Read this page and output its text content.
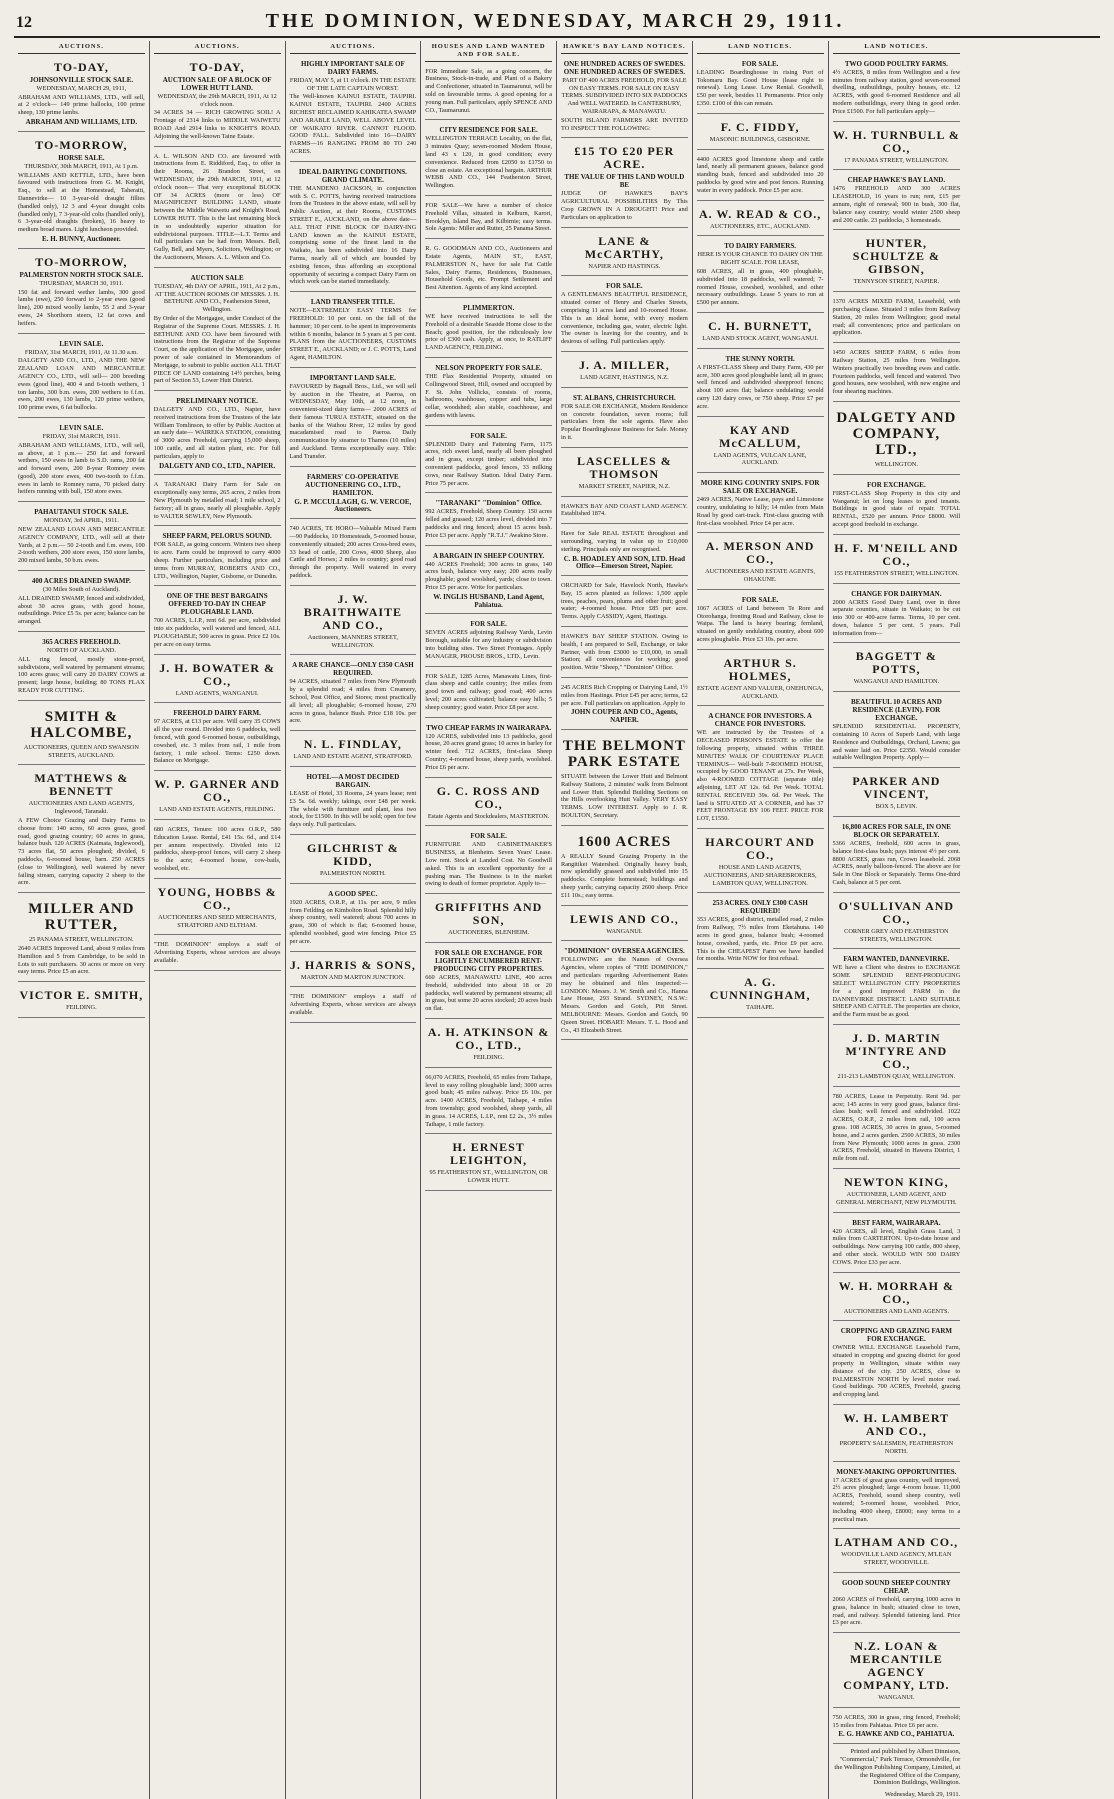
12	THE DOMINION, WEDNESDAY, MARCH 29, 1911.
AUCTIONS.
TO-DAY,
JOHNSONVILLE STOCK SALE.

WEDNESDAY, MARCH 29, 1911,

ABRAHAM AND WILLIAMS, LTD., will sell, at 2 o'clock— 149 prime ballocks, 100 prime sheep, 130 prime lambs.

ABRAHAM AND WILLIAMS, LTD.
TO-MORROW,
HORSE SALE.

THURSDAY, 30th MARCH, 1911, At 1 p.m.

WILLIAMS AND KETTLE, LTD., have been favoured with instructions from G. M. Knight, Esq., to sell at the Homestead, Taheraiti, Dannevirke— 10 3-year-old draught fillies (handled only), 12 3 and 4-year draught colts (handled only), 7 3-year-old colts (handled only), 6 3-year-old draughts (broken), 16 heavy to medium broad mares. Light luncheon provided.

E. H. BUNNY, Auctioneer.
TO-MORROW,
PALMERSTON NORTH STOCK SALE.

THURSDAY, MARCH 30, 1911.

150 fat and forward wether lambs, 300 good lambs (ewe), 250 forward to 2-year ewes (good line), 200 mixed woolly lambs, 55 2 and 3-year ewes, 24 Shorthorn steers, 12 fat cows and heifers.

LEVIN SALE.

FRIDAY, 31st MARCH, 1911, At 11.30 a.m.

DALGETY AND CO., LTD., AND THE NEW ZEALAND LOAN AND MERCANTILE AGENCY CO., LTD., will sell— 200 breeding ewes (good line), 400 4 and 6-tooth wethers, 1 ton lambs, 300 b.m. ewes, 200 wethers to f.f.m. ewes, 200 ewes, 130 lambs, 120 prime wethers, 100 prime ewes, 6 fat bullocks.

LEVIN SALE.

FRIDAY, 31st MARCH, 1911.

ABRAHAM AND WILLIAMS, LTD., will sell, as above, at 1 p.m.— 250 fat and forward wethers, 150 ewes in lamb to S.D. rams, 200 fat and forward ewes, 200 8-year Romney ewes (good), 200 store ewes, 400 two-tooth to f.f.m. ewes in lamb to Romney rams, 70 picked dairy heifers running with bull, 150 store ewes.

PAHAUTANUI STOCK SALE.

MONDAY, 3rd APRIL, 1911.

NEW ZEALAND LOAN AND MERCANTILE AGENCY COMPANY, LTD., will sell at their Yards, at 2 p.m.— 50 2-tooth and f.m. ewes, 100 2-tooth wethers, 200 store ewes, 150 store lambs, 200 mixed lambs, 50 b.m. ewes.

400 ACRES DRAINED SWAMP.

(30 Miles South of Auckland).

ALL DRAINED SWAMP, fenced and subdivided, about 30 acres grass, with good house, outbuildings. Price £5 5s. per acre; balance can be arranged.

365 ACRES FREEHOLD.

NORTH OF AUCKLAND.

ALL ring fenced, mostly stone-proof, subdivisions, well watered by permanent streams; 100 acres grass; will carry 20 DAIRY COWS at present; large house, building; 80 TONS FLAX READY FOR CUTTING.

SMITH & HALCOMBE,

AUCTIONEERS, QUEEN AND SWANSON STREETS, AUCKLAND.

MATTHEWS & BENNETT

AUCTIONEERS AND LAND AGENTS, Inglewood, Taranaki.

A FEW Choice Grazing and Dairy Farms to choose from: 140 acres, 60 acres grass, good road, good grazing country; 60 acres in grass, balance bush. 120 ACRES (Kaimata, Inglewood), 73 acres flat, 50 acres ploughed; divided, 6 paddocks, 6-roomed house, barn. 250 ACRES (close to Wellington), well watered by never failing stream, carrying capacity 2 sheep to the acre.

MILLER AND RUTTER,

25 PANAMA STREET, WELLINGTON.

2640 ACRES Improved Land, about 9 miles from Hamilton and 5 from Cambridge, to be sold in Lots to suit purchasers. 30 acres or more on very easy terms. Price £5 an acre.

VICTOR E. SMITH,

FEILDING.

AUCTIONS.
TO-DAY,
AUCTION SALE OF A BLOCK OF LOWER HUTT LAND.

WEDNESDAY, the 29th MARCH, 1911, At 12 o'clock noon.

34 ACRES 34 — RICH GROWING SOIL! A Frontage of 2314 links to MIDDLE WAIWETU ROAD And 2914 links to KNIGHT'S ROAD. Adjoining the well-known Taine Estate.

A. L. WILSON AND CO. are favoured with instructions from E. Riddiford, Esq., to offer in their Rooms, 26 Brandon Street, on WEDNESDAY, the 29th MARCH, 1911, at 12 o'clock noon— That very exceptional BLOCK OF 34 ACRES (more or less) OF MAGNIFICENT BUILDING LAND, situate between the Middle Waiwetu and Knight's Road, LOWER HUTT. This is the last remaining block in so undoubtedly superior situation for subdivisional purposes. TITLE—L.T. Terms and full particulars can be had from Messrs. Bell, Gully, Bell, and Myers, Solicitors, Wellington; or the Auctioneers, Messrs. A. L. Wilson and Co.

AUCTION SALE

TUESDAY, 4th DAY OF APRIL, 1911, At 2 p.m., AT THE AUCTION ROOMS OF MESSRS. J. H. BETHUNE AND CO., Featherston Street, Wellington.

By Order of the Mortgagee, under Conduct of the Registrar of the Supreme Court. MESSRS. J. H. BETHUNE AND CO. have been favoured with instructions from the Registrar of the Supreme Court, on the application of the Mortgagee, under power of sale contained in Memorandum of Mortgage, to submit to public auction ALL THAT PIECE OF LAND containing 14½ perches, being part of Section 53, Lower Hutt District.

PRELIMINARY NOTICE.

DALGETY AND CO., LTD., Napier, have received instructions from the Trustees of the late William Tomlinson, to offer by Public Auction at an early date— WAIREKA STATION, consisting of 3000 acres Freehold, carrying 15,000 sheep, 100 cattle, and all station plant, etc. For full particulars, apply to

DALGETY AND CO., LTD., NAPIER.

A TARANAKI Dairy Farm for Sale on exceptionally easy terms, 265 acres, 2 miles from New Plymouth by metalled road; 1 mile school, 2 factory; all in grass, nearly all ploughable. Apply to VALTER SEWLEY, New Plymouth.

SHEEP FARM, PELORUS SOUND.

FOR SALE, as going concern. Winters two sheep to acre. Farm could be improved to carry 4000 sheep. Further particulars, including price and terms from MURRAY, ROBERTS AND CO., LTD., Wellington, Napier, Gisborne, or Dunedin.

ONE OF THE BEST BARGAINS OFFERED TO-DAY IN CHEAP PLOUGHABLE LAND.

700 ACRES, L.I.P., rent 6d. per acre, subdivided into six paddocks, well watered and fenced, ALL PLOUGHABLE; 500 acres in grass. Price £2 10s. per acre on easy terms.

J. H. BOWATER & CO.,

LAND AGENTS, WANGANUI.

FREEHOLD DAIRY FARM.

97 ACRES, at £13 per acre. Will carry 35 COWS all the year round. Divided into 6 paddocks, well fenced, with good 6-roomed house, outbuildings, cowshed, etc. 3 miles from rail, 1 mile from factory, 1 mile school. Terms: £250 down. Balance on Mortgage.

W. P. GARNER AND CO.,

LAND AND ESTATE AGENTS, FEILDING.

680 ACRES, Tenure: 100 acres O.R.P., 580 Education Lease. Rental, £41 15s. 6d., and £14 per annum respectively. Divided into 12 paddocks, sheep-proof fences, will carry 2 sheep to the acre; 4-roomed house, cow-bails, woolshed, etc.

YOUNG, HOBBS & CO.,

AUCTIONEERS AND SEED MERCHANTS, STRATFORD AND ELTHAM.

"THE DOMINION" employs a staff of Advertising Experts, whose services are always available.

AUCTIONS.
HIGHLY IMPORTANT SALE OF DAIRY FARMS.

FRIDAY, MAY 5, at 11 o'clock. IN THE ESTATE OF THE LATE CAPTAIN WORST.

The Well-known KAINUI ESTATE, TAUPIRI. KAINUI ESTATE, TAUPIRI. 2400 ACRES RICHEST RECLAIMED KAHIKATEA SWAMP AND ARABLE LAND, WELL ABOVE LEVEL OF WAIKATO RIVER. CANNOT FLOOD. GOOD FALL. Subdivided into 16—DAIRY FARMS—16 RANGING FROM 80 TO 240 ACRES.

IDEAL DAIRYING CONDITIONS. GRAND CLIMATE.

THE MANDENO JACKSON, in conjunction with S. C. POTTS, having received instructions from the Trustees in the above estate, will sell by Public Auction, at their Rooms, CUSTOMS STREET E., AUCKLAND, on the above date— ALL THAT FINE BLOCK OF DAIRY-ING LAND known as the KAINUI ESTATE, comprising some of the finest land in the Waikato, has been subdivided into 16 Dairy Farms, nearly all of which are bounded by existing fences, thus affording an exceptional opportunity of securing a compact Dairy Farm on which work can be started immediately.

LAND TRANSFER TITLE.

NOTE—EXTREMELY EASY TERMS for FREEHOLD: 10 per cent. on the fall of the hammer; 10 per cent. to be spent in improvements within 6 months, balance in 5 years at 5 per cent. PLANS from the AUCTIONEERS, CUSTOMS STREET E., AUCKLAND; or J. C. POTTS, Land Agent, HAMILTON.

IMPORTANT LAND SALE.

FAVOURED by Bagnall Bros., Ltd., we will sell by auction in the Theatre, at Paeroa, on WEDNESDAY, May 10th, at 12 noon, in convenient-sized dairy farms— 2000 ACRES of their famous TURUA ESTATE, situated on the banks of the Waihou River, 12 miles by good macadamised road to Paeroa. Daily communication by steamer to Thames (10 miles) and Auckland. Terms exceptionally easy. Title: Land Transfer.

FARMERS' CO-OPERATIVE AUCTIONEERING CO., LTD., HAMILTON.
G. P. MCCULLAGH, G. W. VERCOE, Auctioneers.

740 ACRES, TE HORO—Valuable Mixed Farm—90 Paddocks, 10 Homesteads, 5-roomed house, conveniently situated; 200 acres Cross-bred ewes, 33 head of cattle, 200 Cows, 4000 Sheep, also Cattle and Horses; 2 miles to country; good road through the property. Well watered in every paddock.

J. W. BRAITHWAITE AND CO.,

Auctioneers, MANNERS STREET, WELLINGTON.

A RARE CHANCE—ONLY £350 CASH REQUIRED.

94 ACRES, situated 7 miles from New Plymouth by a splendid road; 4 miles from Creamery, School, Post Office, and Stores; most practically all level; all ploughable; 6-roomed house, 270 acres in grass, balance Bush. Price £18 10s. per acre.

N. L. FINDLAY,

LAND AND ESTATE AGENT, STRATFORD.

HOTEL—A MOST DECIDED BARGAIN.

LEASE of Hotel, 33 Rooms, 24 years lease; rent £3 5s. 6d. weekly; takings, over £48 per week. The whole with furniture and plant, less two stock, for £1500. In this will be sold; open for few days only. Full particulars.

GILCHRIST & KIDD,

PALMERSTON NORTH.

A GOOD SPEC.

1920 ACRES, O.R.P., at 11s. per acre, 9 miles from Feilding on Kimbolton Road. Splendid hilly sheep country, well watered; about 700 acres in grass, 300 of which is flat; 6-roomed house, splendid woolshed, good wire fencing. Price £5 per acre.

J. HARRIS & SONS,

MARTON AND MARTON JUNCTION.

"THE DOMINION" employs a staff of Advertising Experts, whose services are always available.

HOUSES AND LAND WANTED AND FOR SALE.

FOR Immediate Sale, as a going concern, the Business, Stock-in-trade, and Plant of a Bakery and Confectioner, situated in Taumarunui, will be sold on favourable terms. A good opening for a young man. Full particulars, apply SPENCE AND CO., Taumarunui.

CITY RESIDENCE FOR SALE.

WELLINGTON TERRACE Locality, on the flat, 3 minutes Quay; seven-roomed Modern House, land 43 x 120, in good condition; every convenience. Reduced from £2050 to £1750 to close an estate. An exceptional bargain. ARTHUR WEBB AND CO., 144 Featherston Street, Wellington.

FOR SALE—We have a number of choice Freehold Villas, situated in Kelburn, Karori, Brooklyn, Island Bay, and Kilbirnie; easy terms. Sole Agents: Miller and Rutter, 25 Panama Street.

R. G. GOODMAN AND CO., Auctioneers and Estate Agents, MAIN ST., EAST, PALMERSTON N., have for sale Fat Cattle Sales, Dairy Farms, Residences, Businesses, Household Goods, etc. Prompt Settlement and Best Attention. Agents of any kind accepted.

PLIMMERTON.

WE have received instructions to sell the Freehold of a desirable Seaside Home close to the Beach; good position, for the ridiculously low price of £300 cash. Apply, at once, to RATLIFF LAND AGENCY, FEILDING.

NELSON PROPERTY FOR SALE.

THE Flax Residential Property, situated on Collingwood Street, Hill, owned and occupied by F. St. John Vollicks, consists of rooms, bathrooms, washhouse, copper and tubs, large cellar, woodshed; also stable, coachhouse, and gardens with lawns.

FOR SALE.

SPLENDID Dairy and Fattening Farm, 1175 acres, rich sweet land, nearly all been ploughed and in grass, except timber; subdivided into convenient paddocks, good fences, 33 milking cows, near Railway Station. Ideal Dairy Farm. Price 75 per acre.

"TARANAKI" "Dominion" Office.

992 ACRES, Freehold, Sheep Country. 150 acres felled and grassed; 120 acres level, divided into 7 paddocks and ring fenced; about 15 acres bush. Price £3 per acre. Apply "R.T.J." Awakino Store.

A BARGAIN IN SHEEP COUNTRY.

440 ACRES Freehold; 300 acres in grass, 140 acres bush, balance very easy; 200 acres really ploughable; good woolshed, yards; close to town. Price £5 per acre. Write for particulars.

W. INGLIS HUSBAND, Land Agent, Pahiatua.
FOR SALE.

SEVEN ACRES adjoining Railway Yards, Levin Borough, suitable for any industry or subdivision into building sites. Two Street Frontages. Apply MANAGER, PROUSE BROS., LTD., Levin.

FOR SALE, 1285 Acres, Manawatu Lines, first-class sheep and cattle country; five miles from good town and railway; good road; 400 acres level; 200 acres cultivated; balance easy hills; 5 sheep country; good water. Price £8 per acre.

TWO CHEAP FARMS IN WAIRARAPA.

120 ACRES, subdivided into 13 paddocks, good house, 20 acres grand grass; 10 acres in barley for winter feed. 712 ACRES, first-class Sheep Country; 4-roomed house, sheep yards, woolshed. Price £6 per acre.

G. C. ROSS AND CO.,

Estate Agents and Stockdealers, MASTERTON.

FOR SALE.

FURNITURE AND CABINETMAKER'S BUSINESS, at Blenheim. Seven Years' Lease. Low rent. Stock at Landed Cost. No Goodwill asked. This is an excellent opportunity for a pushing man. The Business is in the market owing to death of former proprietor. Apply to—

GRIFFITHS AND SON,

AUCTIONEERS, BLENHEIM.

FOR SALE OR EXCHANGE. FOR LIGHTLY ENCUMBERED RENT-PRODUCING CITY PROPERTIES.

660 ACRES, MANAWATU LINE, 400 acres freehold, subdivided into about 18 or 20 paddocks, well watered by permanent streams; all in grass, but some 20 acres stocked; 20 acres bush on flat.

A. H. ATKINSON & CO., LTD.,

FEILDING.

66,070 ACRES, Freehold, 65 miles from Taihape, level to easy rolling ploughable land; 3000 acres good bush; 45 miles railway. Price £6 10s. per acre. 1400 ACRES, Freehold, Taihape, 4 miles from township; good woolshed, sheep yards, all in grass. 14 ACRES, L.I.P., rent £2 2s., 3½ miles Taihape, 1 mile factory.

H. ERNEST LEIGHTON,

95 FEATHERSTON ST., WELLINGTON, OR LOWER HUTT.

HAWKE'S BAY LAND NOTICES.
ONE HUNDRED ACRES OF SWEDES. ONE HUNDRED ACRES OF SWEDES.

PART OF 400 ACRES FREEHOLD, FOR SALE ON EASY TERMS. FOR SALE ON EASY TERMS. SUBDIVIDED INTO SIX PADDOCKS And WELL WATERED. In CANTERBURY, WAIRARAPA, & MANAWATU.

SOUTH ISLAND FARMERS ARE INVITED TO INSPECT THE FOLLOWING:

£15 TO £20 PER ACRE.
THE VALUE OF THIS LAND WOULD BE

JUDGE OF HAWKE'S BAY'S AGRICULTURAL POSSIBILITIES By This Crop GROWN IN A DROUGHT! Price and Particulars on application to

LANE & McCARTHY,

NAPIER AND HASTINGS.

FOR SALE.

A GENTLEMAN'S BEAUTIFUL RESIDENCE, situated corner of Henry and Charles Streets, comprising 11 acres land and 10-roomed House. This is an ideal home, with every modern convenience, including gas, water, electric light. The owner is leaving for the country, and is desirous of selling. Full particulars apply.

J. A. MILLER,

LAND AGENT, HASTINGS, N.Z.

ST. ALBANS, CHRISTCHURCH.

FOR SALE OR EXCHANGE, Modern Residence on concrete foundation, seven rooms; full particulars from the sole agents. Have also Popular Boardinghouse Business for Sale. Money in it.

LASCELLES & THOMSON

MARKET STREET, NAPIER, N.Z.

HAWKE'S BAY AND COAST LAND AGENCY. Established 1874.

Have for Sale REAL ESTATE throughout and surrounding, varying in value up to £10,000 sterling. Principals only are recognised.

C. B. HOADLEY AND SON, LTD. Head Office—Emerson Street, Napier.

ORCHARD for Sale, Havelock North, Hawke's Bay, 15 acres planted as follows: 1,500 apple trees, peaches, pears, plums and other fruit; good water; 4-roomed house. Price £85 per acre. Terms. Apply CASSIDY, Agent, Hastings.

HAWKE'S BAY SHEEP STATION. Owing to health, I am prepared to Sell, Exchange, or take Partner, with from £3000 to £10,000, in small Station; all conveniences for working; good position. Write "Sheep," "Dominion" Office.

245 ACRES Rich Cropping or Dairying Land, 1½ miles from Hastings. Price £45 per acre; terms, £2 per acre. Full particulars on application. Apply to

JOHN COUPER AND CO., Agents, NAPIER.
THE BELMONT PARK ESTATE

SITUATE between the Lower Hutt and Belmont Railway Stations, 2 minutes' walk from Belmont and Lower Hutt. Splendid Building Sections on the Hills overlooking Hutt Valley. VERY EASY TERMS. LOW INTEREST. Apply to J. R. BOULTON, Secretary.

1600 ACRES

A REALLY Sound Grazing Property in the Rangitikei Watershed. Originally heavy bush, now splendidly grassed and subdivided into 15 paddocks. Complete homestead; buildings and sheep yards; carrying capacity 2600 sheep. Price £11 10s.; easy terms.

LEWIS AND CO.,

WANGANUI.

"DOMINION" OVERSEA AGENCIES.

FOLLOWING are the Names of Oversea Agencies, where copies of "THE DOMINION," and particulars regarding Advertisement Rates may be obtained and files inspected:— LONDON: Messrs. J. W. Smith and Co., Hanna Law House, 293 Strand. SYDNEY, N.S.W.: Messrs. Gordon and Gotch, Pitt Street. MELBOURNE: Messrs. Gordon and Gotch, 90 Queen Street. HOBART: Messrs. T. L. Hood and Co., 43 Elizabeth Street.

LAND NOTICES.
FOR SALE.

LEADING Boardinghouse in rising Port of Tokomaru Bay. Good House (lease right to renewal). Long Lease. Low Rental. Goodwill, £50 per week, besides 11 Permanents. Price only £350. £100 of this can remain.

F. C. FIDDY,

MASONIC BUILDINGS, GISBORNE.

4400 ACRES good limestone sheep and cattle land, nearly all permanent grasses, balance good standing bush, fenced and subdivided into 20 paddocks by good wire and post fences. Running water in every paddock. Price £5 per acre.

A. W. READ & CO.,

AUCTIONEERS, ETC., AUCKLAND.

TO DAIRY FARMERS.

HERE IS YOUR CHANCE TO DAIRY ON THE RIGHT SCALE. FOR LEASE,

608 ACRES, all in grass, 400 ploughable, subdivided into 18 paddocks, well watered; 7-roomed House, cowshed, woolshed, and other necessary outbuildings. Lease 5 years to run at £500 per annum.

C. H. BURNETT,

LAND AND STOCK AGENT, WANGANUI.

THE SUNNY NORTH.

A FIRST-CLASS Sheep and Dairy Farm, 430 per acre, 300 acres good ploughable land; all in grass; well fenced and subdivided sheepproof fences; about 100 acres flat; balance undulating; would carry 120 dairy cows, or 750 sheep. Price £7 per acre.

KAY AND McCALLUM,

LAND AGENTS, VULCAN LANE, AUCKLAND.

MORE KING COUNTRY SNIPS. FOR SALE OR EXCHANGE.

2469 ACRES, Native Lease, pays and Limestone country, undulating to hilly; 14 miles from Main Road by good cart-track. First-class grazing with first-class woolshed. Price £4 per acre.

A. MERSON AND CO.,

AUCTIONEERS AND ESTATE AGENTS, OHAKUNE.

FOR SALE.

1067 ACRES of Land between Te Rore and Otorohanga, fronting Road and Railway, close to Waipa. The land is heavy bearing; fernland, situated on gently undulating country, about 600 acres ploughable. Price £3 10s. per acre.

ARTHUR S. HOLMES,

ESTATE AGENT AND VALUER, ONEHUNGA, AUCKLAND.

A CHANCE FOR INVESTORS. A CHANCE FOR INVESTORS.

WE are instructed by the Trustees of a DECEASED PERSON'S ESTATE to offer the following property, situated within THREE MINUTES' WALK OF COURTENAY PLACE TERMINUS— Well-built 7-ROOMED HOUSE, occupied by GOOD TENANT at 27s. Per Week, also 4-ROOMED COTTAGE (separate title) adjoining, LET AT 12s. 6d. Per Week. TOTAL RENTAL RECEIVED 39s. 6d. Per Week. The land is SITUATED AT A CORNER, and has 37 FEET FRONTAGE BY 106 FEET. PRICE FOR LOT, £1550.

HARCOURT AND CO.,

HOUSE AND LAND AGENTS, AUCTIONEERS, AND SHAREBROKERS, LAMBTON QUAY, WELLINGTON.

253 ACRES. ONLY £300 CASH REQUIRED!

353 ACRES, good district, metalled road, 2 miles from Railway, 7½ miles from Eketahuna. 140 acres in good grass, balance bush; 4-roomed house, cowshed, yards, etc. Price £9 per acre. This is the CHEAPEST Farm we have handled for months. Write NOW for first refusal.

A. G. CUNNINGHAM,

TAIHAPE.

LAND NOTICES.
TWO GOOD POULTRY FARMS.

4½ ACRES, 8 miles from Wellington and a few minutes from railway station, good seven-roomed dwelling, outbuildings, poultry houses, etc. 12 ACRES, with good 6-roomed Residence and all modern outbuildings, every thing in good order. Price £1500. For full particulars apply—

W. H. TURNBULL & CO.,

17 PANAMA STREET, WELLINGTON.

CHEAP HAWKE'S BAY LAND.

1476 FREEHOLD AND 300 ACRES LEASEHOLD, 16 years to run; rent, £15 per annum, right of renewal; 900 in bush, 300 flat, balance easy country; would winter 2500 sheep and 200 cattle. 23 paddocks, 3 homesteads.

HUNTER, SCHULTZE & GIBSON,

TENNYSON STREET, NAPIER.

1370 ACRES MIXED FARM, Leasehold, with purchasing clause. Situated 3 miles from Railway Station, 20 miles from Wellington; good metal road; all conveniences; price and particulars on application.

1450 ACRES SHEEP FARM, 6 miles from Railway Station, 25 miles from Wellington. Winters practically two breeding ewes and cattle. Fourteen paddocks, well fenced and watered. Two good houses, new woolshed, with new engine and four shearing machines.

DALGETY AND COMPANY, LTD.,

WELLINGTON.

FOR EXCHANGE.

FIRST-CLASS Shop Property in this city and Wanganui; let on long leases to good tenants. Buildings in good state of repair. TOTAL RENTAL, £520 per annum. Price £8000. Will accept good freehold in exchange.

H. F. M'NEILL AND CO.,

155 FEATHERSTON STREET, WELLINGTON.

CHANGE FOR DAIRYMAN.

2000 ACRES Good Dairy Land, over in three separate counties, situate in Waikato; to be cut into 300 or 400-acre farms. Terms, 10 per cent. down, balance 5 per cent. 5 years. Full information from—

BAGGETT & POTTS,

WANGANUI AND HAMILTON.

BEAUTIFUL 10 ACRES AND RESIDENCE (LEVIN). FOR EXCHANGE.

SPLENDID RESIDENTIAL PROPERTY, containing 10 Acres of Superb Land, with large Residence and Outbuildings, Orchard, Lawns; gas and water laid on. Price £2350. Would consider suitable Wellington Property. Apply—

PARKER AND VINCENT,

BOX 5, LEVIN.

16,800 ACRES FOR SALE, IN ONE BLOCK OR SEPARATELY.

5366 ACRES, freehold, 600 acres in grass, balance first-class bush; pays interest 4½ per cent. 8800 ACRES, grass run, Crown leasehold. 2068 ACRES, nearly balloon-fenced. The above are for Sale in One Block or Separately. Terms One-third Cash, balance at 5 per cent.

O'SULLIVAN AND CO.,

CORNER GREY AND FEATHERSTON STREETS, WELLINGTON.

FARM WANTED, DANNEVIRKE.

WE have a Client who desires to EXCHANGE SOME SPLENDID RENT-PRODUCING SELECT WELLINGTON CITY PROPERTIES for a good improved FARM in the DANNEVIRKE DISTRICT. LAND SUITABLE SHEEP AND CATTLE. The properties are choice, and the Farm must be as good.

J. D. MARTIN M'INTYRE AND CO.,

211-213 LAMBTON QUAY, WELLINGTON.

780 ACRES, Lease in Perpetuity. Rent 9d. per acre; 145 acres in very good grass, balance first-class bush; well fenced and subdivided. 1022 ACRES, O.R.P., 2 miles from rail, 100 acres grass. 108 ACRES, 30 acres in grass, 5-roomed house, and 2 acres garden. 2500 ACRES, 30 miles from New Plymouth; 1000 acres in grass. 2300 ACRES, Freehold, situated in Hawera District, 1 mile from rail.

NEWTON KING,

AUCTIONEER, LAND AGENT, AND GENERAL MERCHANT, NEW PLYMOUTH.

BEST FARM, WAIRARAPA.

420 ACRES, all level, English Grass Land, 3 miles from CARTERTON. Up-to-date house and outbuildings. Now carrying 100 cattle, 800 sheep, and other stock. WOULD WIN 500 DAIRY COWS. Price £33 per acre.

W. H. MORRAH & CO.,

AUCTIONEERS AND LAND AGENTS.

CROPPING AND GRAZING FARM FOR EXCHANGE.

OWNER WILL EXCHANGE Leasehold Farm, situated in cropping and grazing district for good property in Wellington, situate within easy distance of the city. 250 ACRES, close to PALMERSTON NORTH by level motor road. Good buildings. 700 ACRES, Freehold, grazing and cropping land.

W. H. LAMBERT AND CO.,

PROPERTY SALESMEN, FEATHERSTON NORTH.

MONEY-MAKING OPPORTUNITIES.

17 ACRES of great grass country, well improved, 2½ acres ploughed; large 4-room house. 11,000 ACRES, Freehold, sound sheep country, well watered; 5-roomed house, woolshed. Price, including 4000 sheep, £8000; easy terms to a practical man.

LATHAM AND CO.,

WOODVILLE LAND AGENCY, M'LEAN STREET, WOODVILLE.

GOOD SOUND SHEEP COUNTRY CHEAP.

2060 ACRES of Freehold, carrying 1000 acres in grass, balance in bush; situated close to town, road, and railway. Splendid fattening land. Price £3 per acre.

N.Z. LOAN & MERCANTILE AGENCY COMPANY, LTD.

WANGANUI.

750 ACRES, 300 in grass, ring fenced, Freehold; 15 miles from Pahiatua. Price £6 per acre.

E. G. HAWKE AND CO., PAHIATUA.
Printed and published by Albert Dinnison, "Commercial," Park Terrace, Ormondville, for the Wellington Publishing Company, Limited, at the Registered Office of the Company, Dominion Buildings, Wellington.
Wednesday, March 29, 1911.
